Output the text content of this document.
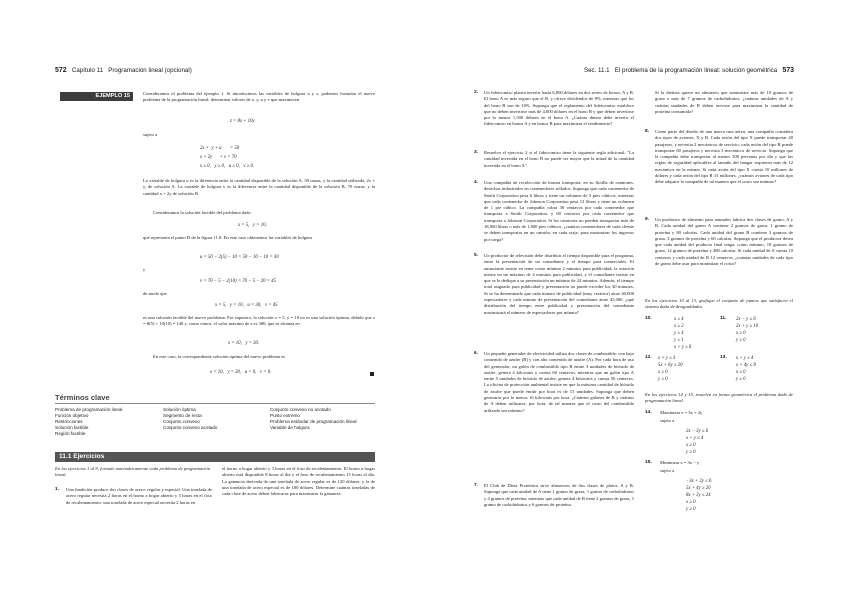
572 Capítulo 11 Programación lineal (opcional)
EJEMPLO 15	Consideramos el problema del ejemplo 1. Si introducimos las variables de holgura u y v, podemos formular el nuevo problema de la programación lineal: determinar valores de x, y, u y v que maximicen
z = 8x + 10y
sujeto a
2x +  y + u       = 50
x + 2y      + v = 70
x ≥ 0,   y ≥ 0,   u ≥ 0,   v ≥ 0.
La variable de holgura u es la diferencia entre la cantidad disponible de la solución A, 50 onzas, y la cantidad utilizada, 2x + y, de solución A. La variable de holgura v es la diferencia entre la cantidad disponible de la solución B, 70 onzas, y la cantidad x + 2y de solución B.
Consideramos la solución factible del problema dado
x = 5,   y = 10,
que representa el punto D de la figura 11.8. En este caso obtenemos las variables de holgura
u = 50 − 2(5) − 10 = 50 − 10 − 10 = 30
y
v = 70 − 5 − 2(10) = 70 − 5 − 20 = 45
de modo que
x = 5,   y = 10,   u = 30,   v = 45
es una solución factible del nuevo problema. Por supuesto, la solución x = 5, y = 10 no es una solución óptima, debido que z = 8(5) + 10(10) = 140 y, como vimos, el valor máximo de z es 380, que se alcanza en
x = 10,   y = 30.
En este caso, la correspondiente solución óptima del nuevo problema es
x = 10,   y = 30,   u = 0,   v = 0.
Términos clave
Problema de programación lineal
Función objetivo
Restricciones
Solución factible
Región factible
Solución óptima
Segmento de recta
Conjunto convexo
Conjunto convexo acotado
Conjunto convexo no acotado
Punto extremo
Problema estándar de programación lineal
Variable de holgura
11.1 Ejercicios
En los ejercicios 1 al 9, formule matemáticamente cada problema de programación lineal.
1. Una fundición produce dos clases de acero: regular y especial. Una tonelada de acero regular necesita 2 horas en el horno a hogar abierto y 5 horas en el foso de recalentamiento; una tonelada de acero especial necesita 2 horas en
el horno a hogar abierto y 3 horas en el foso de recalentamiento. El horno a hogar abierto está disponible 8 horas al día y el foso de recalentamiento 15 horas al día. La ganancia derivada de una tonelada de acero regular es de 120 dólares, y la de una tonelada de acero especial es de 100 dólares. Determine cuántas toneladas de cada clase de acero deben fabricarse para maximizar la ganancia.
Sec. 11.1 El problema de la programación lineal: solución geométrica 573
2. Un fideicomiso planea invertir hasta 6,000 dólares en dos series de bonos, A y B. El bono A es más seguro que el B, y ofrece dividendos de 8%, mientras que los del bono B son de 10%. Suponga que el reglamento del fideicomiso establece que no deben invertirse más de 4,000 dólares en el bono B y que deben invertirse por lo menos 1,500 dólares en el bono A. ¿Cuánto dinero debe invertir el fideicomiso en bonos A y en bonos B para maximizar el rendimiento?
3. Resuelva el ejercicio 2 si el fideicomiso tiene la siguiente regla adicional: "La cantidad invertida en el bono B no puede ser mayor que la mitad de la cantidad invertida en el bono A".
4. Una compañía de recolección de basura transporta, en su flotilla de camiones, desechos industriales en contenedores sellados. Suponga que cada contenedor de Smith Corporation pesa 6 libras y tiene un volumen de 3 pies cúbicos, mientras que cada contenedor de Johnson Corporation pesa 12 libras y tiene un volumen de 1 pie cúbico. La compañía cobra 30 centavos por cada contenedor que transporta a Smith Corporation, y 60 centavos por cada contenedor que transporta a Johnson Corporation. Si los camiones no pueden transportar más de 18,000 libras o más de 1,800 pies cúbicos, ¿cuántos contenedores de cada cliente se deben transportar en un camión, en cada viaje, para maximizar los ingresos por carga?
5. Un productor de televisión debe distribuir el tiempo disponible para el programa, entre la presentación de un comediante y el tiempo para comerciales. El anunciante insiste en tener como mínimo 2 minutos para publicidad; la estación insiste en un máximo de 4 minutos para publicidad, y el comediante insiste en que se le dedique a su presentación un mínimo de 24 minutos. Además, el tiempo total asignado para publicidad y presentación no puede exceder los 30 minutos. Si se ha determinado que cada minuto de publicidad (muy creativa) atrae 40,000 espectadores y cada minuto de presentación del comediante atrae 45,000, ¿qué distribución del tiempo entre publicidad y presentación del comediante maximizará el número de espectadores por minuto?
6. Un pequeño generador de electricidad utiliza dos clases de combustible: con bajo contenido de azufre (B) y con alto contenido de azufre (A). Por cada hora de uso del generador, un galón de combustible tipo B emite 3 unidades de bióxido de azufre, genera 4 kilowatts y cuesta 60 centavos, mientras que un galón tipo A emite 5 unidades de bióxido de azufre, genera 4 kilowatts y cuesta 50 centavos. La oficina de protección ambiental insiste en que la máxima cantidad de bióxido de azufre que puede emitir por hora es de 15 unidades. Suponga que deben generarse por lo menos 16 kilowatts por hora. ¿Cuántos galones de B y cuántos de A deben utilizarse, por hora, de tal manera que el costo del combustible utilizado sea mínimo?
7. El Club de Dieta Proteínica sirve almuerzos de dos clases de platos, A y B. Suponga que cada unidad de A tiene 1 gramo de grasa, 1 gramo de carbohidratos y 4 gramos de proteína, mientras que cada unidad de B tiene 2 gramos de grasa, 1 gramo de carbohidratos y 6 gramos de proteína.
Si la dietista quiere un almuerzo que suministre más de 10 gramos de grasa o más de 7 gramos de carbohidratos, ¿cuántas unidades de A y cuántas unidades de B deben servirse para maximizar la cantidad de proteína consumida?
8. Como parte del diseño de una nueva ruta aérea, una compañía considera dos tipos de aviones, X y R. Cada avión del tipo X puede transportar 40 pasajeros, y necesita 2 mecánicos de servicio; cada avión del tipo R puede transportar 60 pasajeros y necesita 3 mecánicos de servicio. Suponga que la compañía debe transportar al menos 300 personas por día y que las reglas de seguridad aplicables al tamaño del hangar requieren más de 12 mecánicos en la misma. Si cada avión del tipo X cuesta 10 millones de dólares y cada avión del tipo R 15 millones, ¿cuántos aviones de cada tipo debe adquirir la compañía de tal manera que el costo sea mínimo?
9. Un productor de alimento para animales fabrica dos clases de grano, A y B. Cada unidad del grano A contiene 2 gramos de grasa, 1 gramo de proteína y 80 calorías. Cada unidad del grano B contiene 3 gramos de grasa, 3 gramos de proteína y 60 calorías. Suponga que el productor desea que cada unidad del producto final tenga, como mínimo, 18 gramos de grasa, 12 gramos de proteína y 480 calorías. Si cada unidad de A cuesta 10 centavos y cada unidad de B 12 centavos, ¿cuántas unidades de cada tipo de grano debe usar para minimizar el costo?
En los ejercicios 10 al 13, grafique el conjunto de puntos que satisfacen el sistema dado de desigualdades.
10.	x ≤ 4
x ≥ 2
y ≥ 4
y ≥ 1
x + y ≥ 6
11. 2x − y ≤ 6
2x + y ≥ 10
x ≥ 0
y ≥ 0
12. x + y ≤ 3
5x + 6y ≥ 20
x ≥ 0
y ≥ 0
13. x + y ≥ 4
x + 4y ≤ 8
x ≥ 0
y ≥ 0
En los ejercicios 14 y 15, resuelva en forma geométrica el problema dado de programación lineal.
14. Maximizar z = 3x + 2y
sujeto a
2x − 3y ≤ 6
x + y ≤ 4
x ≥ 0
y ≥ 0
15. Minimizar z = 3x − y
sujeto a
−3x + 2y ≤ 6
5x + 4y ≥ 20
8x + 3y ≤ 24
x ≥ 0
y ≥ 0
